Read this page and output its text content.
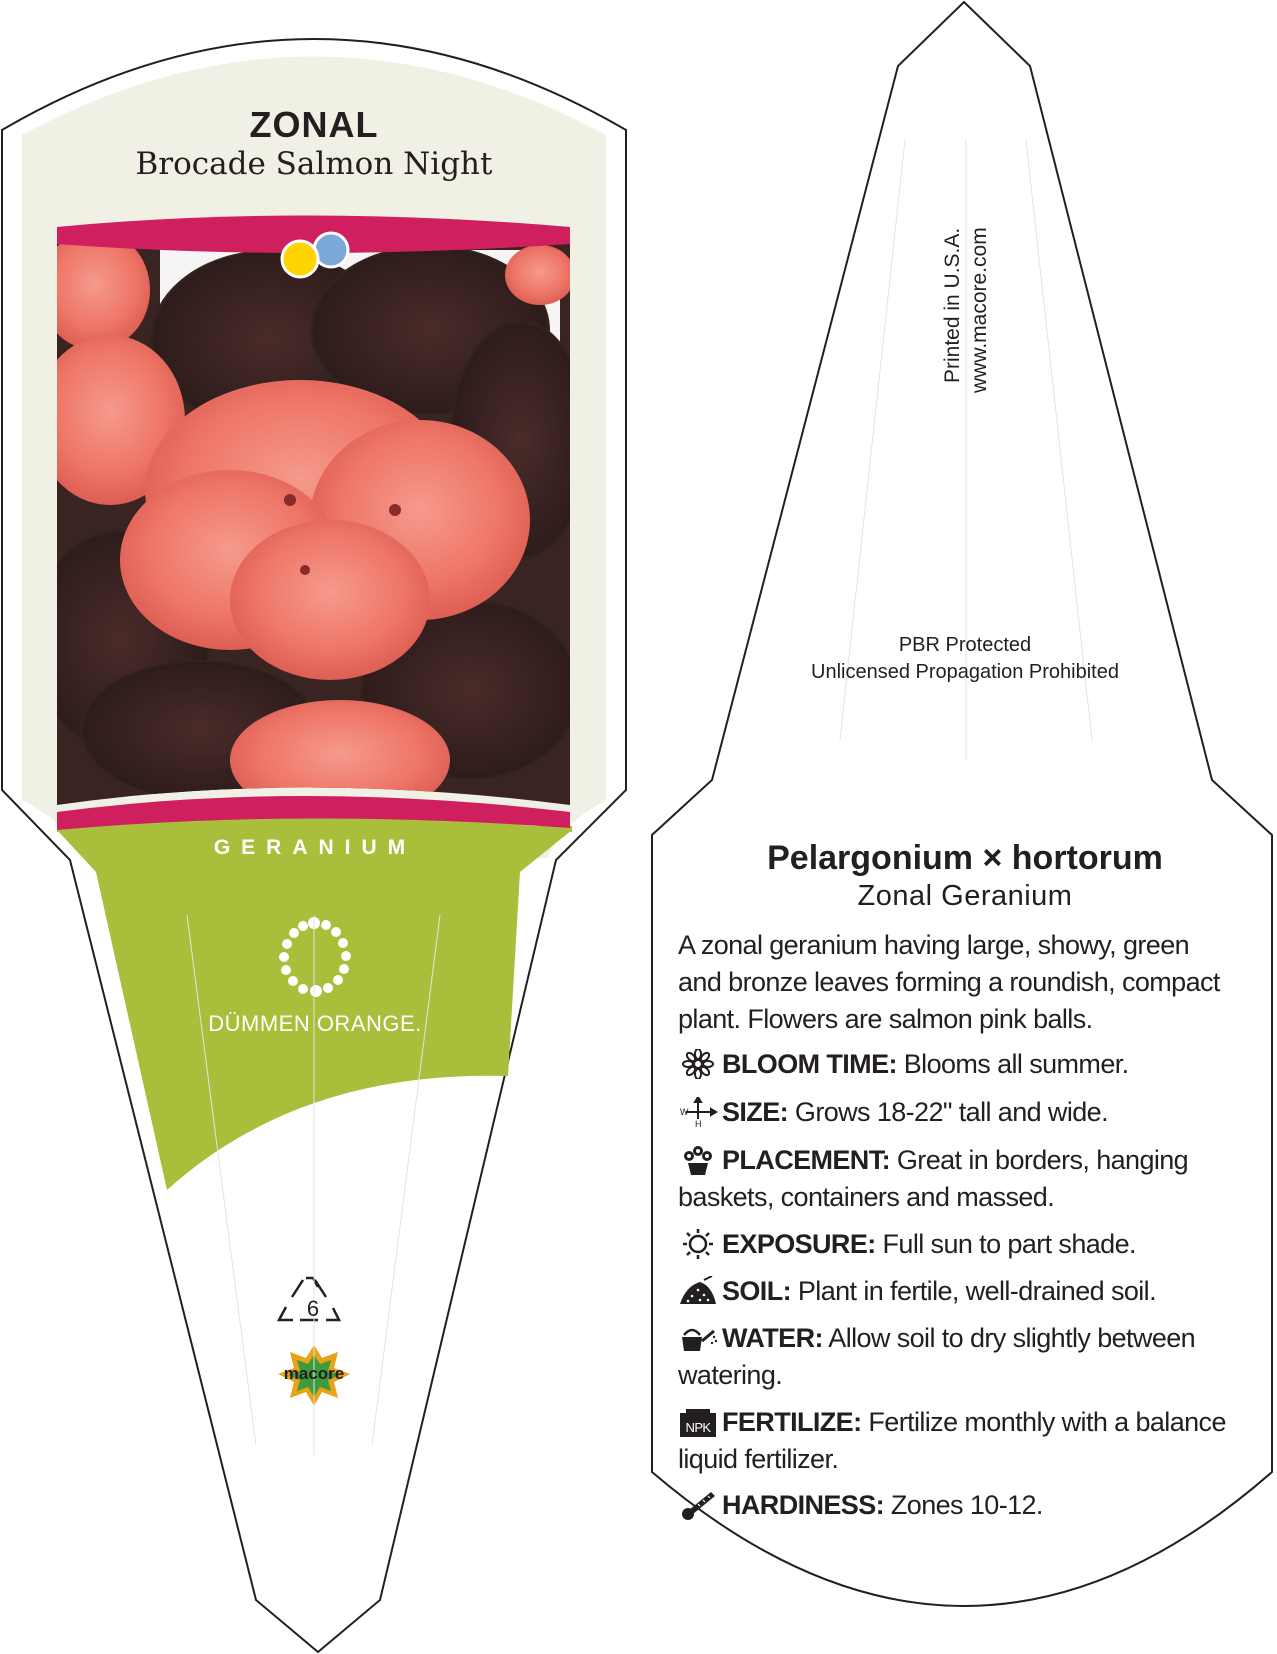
ZONAL
Brocade Salmon Night
GERANIUM
DÜMMEN ORANGE.
6
macore
Printed in U.S.A. www.macore.com
PBR Protected
Unlicensed Propagation Prohibited
Pelargonium × hortorum
Zonal Geranium
A zonal geranium having large, showy, green and bronze leaves forming a roundish, compact plant. Flowers are salmon pink balls.
BLOOM TIME: Blooms all summer.
W
H SIZE: Grows 18-22" tall and wide.
PLACEMENT: Great in borders, hanging baskets, containers and massed.
EXPOSURE: Full sun to part shade.
SOIL: Plant in fertile, well-drained soil.
WATER: Allow soil to dry slightly between watering.
NPK FERTILIZE: Fertilize monthly with a balance liquid fertilizer.
HARDINESS: Zones 10-12.
